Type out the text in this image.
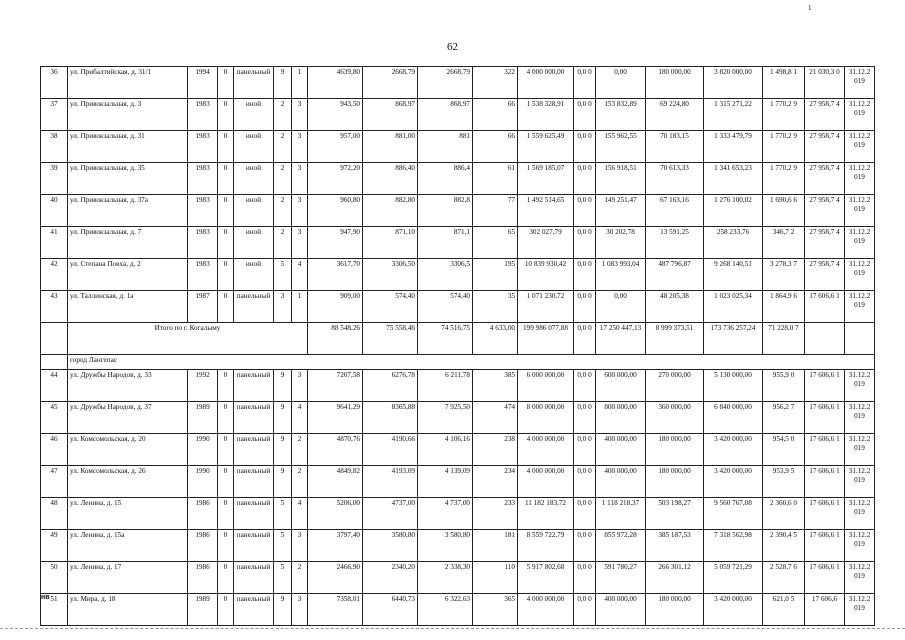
1
62
36	ул. Прибалтийская, д. 31/1	1994	0	панельный	9	1	4639,80	2668,79	2668,79	322	4 000 000,00	0,0 0	0,00	180 000,00	3 820 000,00	1 498,8 1	21 030,3 0	31.12.2 019
37	ул. Привокзальная, д. 3	1983	0	иной	2	3	943,50	868,97	868,97	66	1 538 328,91	0,0 0	153 832,89	69 224,80	1 315 271,22	1 770,2 9	27 958,7 4	31.12.2 019
38	ул. Привокзальная, д. 31	1983	0	иной	2	3	957,00	881,00	881	66	1 559 625,49	0,0 0	155 962,55	70 183,15	1 333 479,79	1 770,2 9	27 958,7 4	31.12.2 019
39	ул. Привокзальная, д. 35	1983	0	иной	2	3	972,20	886,40	886,4	61	1 569 185,07	0,0 0	156 918,51	70 613,33	1 341 653,23	1 770,2 9	27 958,7 4	31.12.2 019
40	ул. Привокзальная, д. 37а	1983	0	иной	2	3	960,80	882,80	882,8	77	1 492 514,65	0,0 0	149 251,47	67 163,16	1 276 100,02	1 690,6 6	27 958,7 4	31.12.2 019
41	ул. Привокзальная, д. 7	1983	0	иной	2	3	947,90	871,10	871,1	65	302 027,79	0,0 0	30 202,78	13 591,25	258 233,76	346,7 2	27 958,7 4	31.12.2 019
42	ул. Степана Повха, д. 2	1983	0	иной	5	4	3617,70	3306,50	3306,5	195	10 839 930,42	0,0 0	1 083 993,04	487 796,87	9 268 140,51	3 278,3 7	27 958,7 4	31.12.2 019
43	ул. Таллинская, д. 1а	1987	0	панельный	3	1	909,00	574,40	574,40	35	1 071 230,72	0,0 0	0,00	48 205,38	1 023 025,34	1 864,9 6	17 606,6 1	31.12.2 019
	Итого по г. Когалыму						88 548,26	75 558,46	74 516,75	4 633,00	199 986 077,88	0,0 0	17 250 447,13	8 999 373,51	173 736 257,24	71 228,0 7		
	город Лангепас																	
44	ул. Дружбы Народов, д. 33	1992	0	панельный	9	3	7207,58	6276,78	6 211,78	385	6 000 000,00	0,0 0	600 000,00	270 000,00	5 130 000,00	955,9 0	17 606,6 1	31.12.2 019
45	ул. Дружбы Народов, д. 37	1989	0	панельный	9	4	9641,29	8365,88	7 925,50	474	8 000 000,00	0,0 0	800 000,00	360 000,00	6 840 000,00	956,2 7	17 606,6 1	31.12.2 019
46	ул. Комсомольская, д. 20	1990	0	панельный	9	2	4870,76	4190,66	4 106,16	238	4 000 000,00	0,0 0	400 000,00	180 000,00	3 420 000,00	954,5 0	17 606,6 1	31.12.2 019
47	ул. Комсомольская, д. 26	1990	0	панельный	9	2	4849,82	4193,09	4 139,09	234	4 000 000,00	0,0 0	400 000,00	180 000,00	3 420 000,00	953,9 5	17 606,6 1	31.12.2 019
48	ул. Ленина, д. 15	1986	0	панельный	5	4	5206,00	4737,00	4 737,00	233	11 182 183,72	0,0 0	1 118 218,37	503 198,27	9 560 767,08	2 360,6 0	17 606,6 1	31.12.2 019
49	ул. Ленина, д. 15а	1986	0	панельный	5	3	3797,40	3580,80	3 580,80	181	8 559 722,79	0,0 0	855 972,28	385 187,53	7 318 562,98	2 390,4 5	17 606,6 1	31.12.2 019
50	ул. Ленина, д. 17	1986	0	панельный	5	2	2466,90	2340,20	2 338,30	110	5 917 802,68	0,0 0	591 780,27	266 301,12	5 059 721,29	2 528,7 6	17 606,6 1	31.12.2 019
51	ул. Мира, д. 18	1989	0	панельный	9	3	7358,01	6440,73	6 322,63	365	4 000 000,00	0,0 0	400 000,00	180 000,00	3 420 000,00	621,0 5	17 606,6	31.12.2 019
нв
